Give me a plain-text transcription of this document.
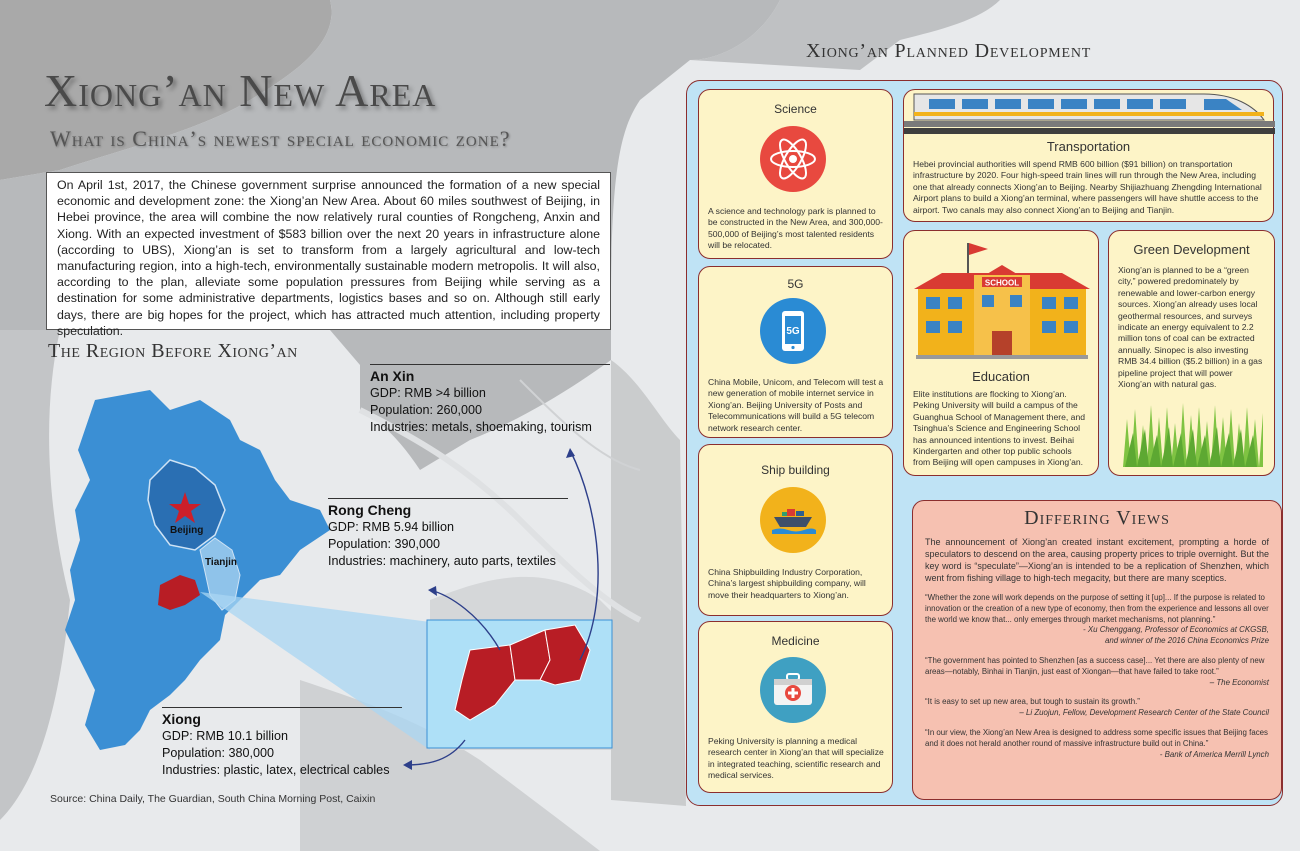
Beijing
Tianjin
Xiong’an New Area
What is China’s newest special economic zone?
On April 1st, 2017, the Chinese government surprise announced the formation of a new special economic and development zone: the Xiong’an New Area. About 60 miles southwest of Beijing, in Hebei province, the area will combine the now relatively rural counties of Rongcheng, Anxin and Xiong. With an expected investment of $583 billion over the next 20 years in infrastructure alone (according to UBS), Xiong’an is set to transform from a largely agricultural and low-tech manufacturing region, into a high-tech, environmentally sustainable modern metropolis. It will also, according to the plan, alleviate some population pressures from Beijing while serving as a destination for some administrative departments, logistics bases and so on. Although still early days, there are big hopes for the project, which has attracted much attention, including property speculation.
The Region Before Xiong’an
An Xin
GDP: RMB >4 billion
Population: 260,000
Industries: metals, shoemaking, tourism
Rong Cheng
GDP: RMB 5.94 billion
Population: 390,000
Industries: machinery, auto parts, textiles
Xiong
GDP: RMB 10.1 billion
Population: 380,000
Industries: plastic, latex, electrical cables
Source: China Daily, The Guardian, South China Morning Post, Caixin
Xiong’an Planned Development
Science
A science and technology park is planned to be constructed in the New Area, and 300,000-500,000 of Beijing’s most talented residents will be relocated.
5G
5G
China Mobile, Unicom, and Telecom will test a new generation of mobile internet service in Xiong’an. Beijing University of Posts and Telecommunications will build a 5G telecom network research center.
Ship building
China Shipbuilding Industry Corporation, China’s largest shipbuilding company, will move their headquarters to Xiong’an.
Medicine
Peking University is planning a medical research center in Xiong’an that will specialize in integrated teaching, scientific research and medical services.
Transportation
Hebei provincial authorities will spend RMB 600 billion ($91 billion) on transportation infrastructure by 2020. Four high-speed train lines will run through the New Area, including one that already connects Xiong’an to Beijing. Nearby Shijiazhuang Zhengding International Airport plans to build a Xiong’an terminal, where passengers will have shuttle access to the airport. Two canals may also connect Xiong’an to Beijing and Tianjin.
SCHOOL
Education
Elite institutions are flocking to Xiong’an. Peking University will build a campus of the Guanghua School of Management there, and Tsinghua’s Science and Engineering School has announced intentions to invest. Beihai Kindergarten and other top public schools from Beijing will open campuses in Xiong’an.
Green Development
Xiong’an is planned to be a “green city,” powered predominately by renewable and lower-carbon energy sources. Xiong’an already uses local geothermal resources, and surveys indicate an energy equivalent to 2.2 million tons of coal can be extracted annually. Sinopec is also investing RMB 34.4 billion ($5.2 billion) in a gas pipeline project that will power Xiong’an with natural gas.
Differing Views
The announcement of Xiong’an created instant excitement, prompting a horde of speculators to descend on the area, causing property prices to triple overnight. But the key word is “speculate”—Xiong’an is intended to be a replication of Shenzhen, which went from fishing village to high-tech megacity, but there are many sceptics.
“Whether the zone will work depends on the purpose of setting it [up]... If the purpose is related to innovation or the creation of a new type of economy, then from the experience and lessons all over the world we know that... only emerges through market mechanisms, not planning.”
- Xu Chenggang, Professor of Economics at CKGSB,
and winner of the 2016 China Economics Prize
“The government has pointed to Shenzhen [as a success case]... Yet there are also plenty of new areas—notably, Binhai in Tianjin, just east of Xiongan—that have failed to take root.”
– The Economist
“It is easy to set up new area, but tough to sustain its growth.”
– Li Zuojun, Fellow, Development Research Center of the State Council
“In our view, the Xiong’an New Area is designed to address some specific issues that Beijing faces and it does not herald another round of massive infrastructure build out in China.”
- Bank of America Merrill Lynch
